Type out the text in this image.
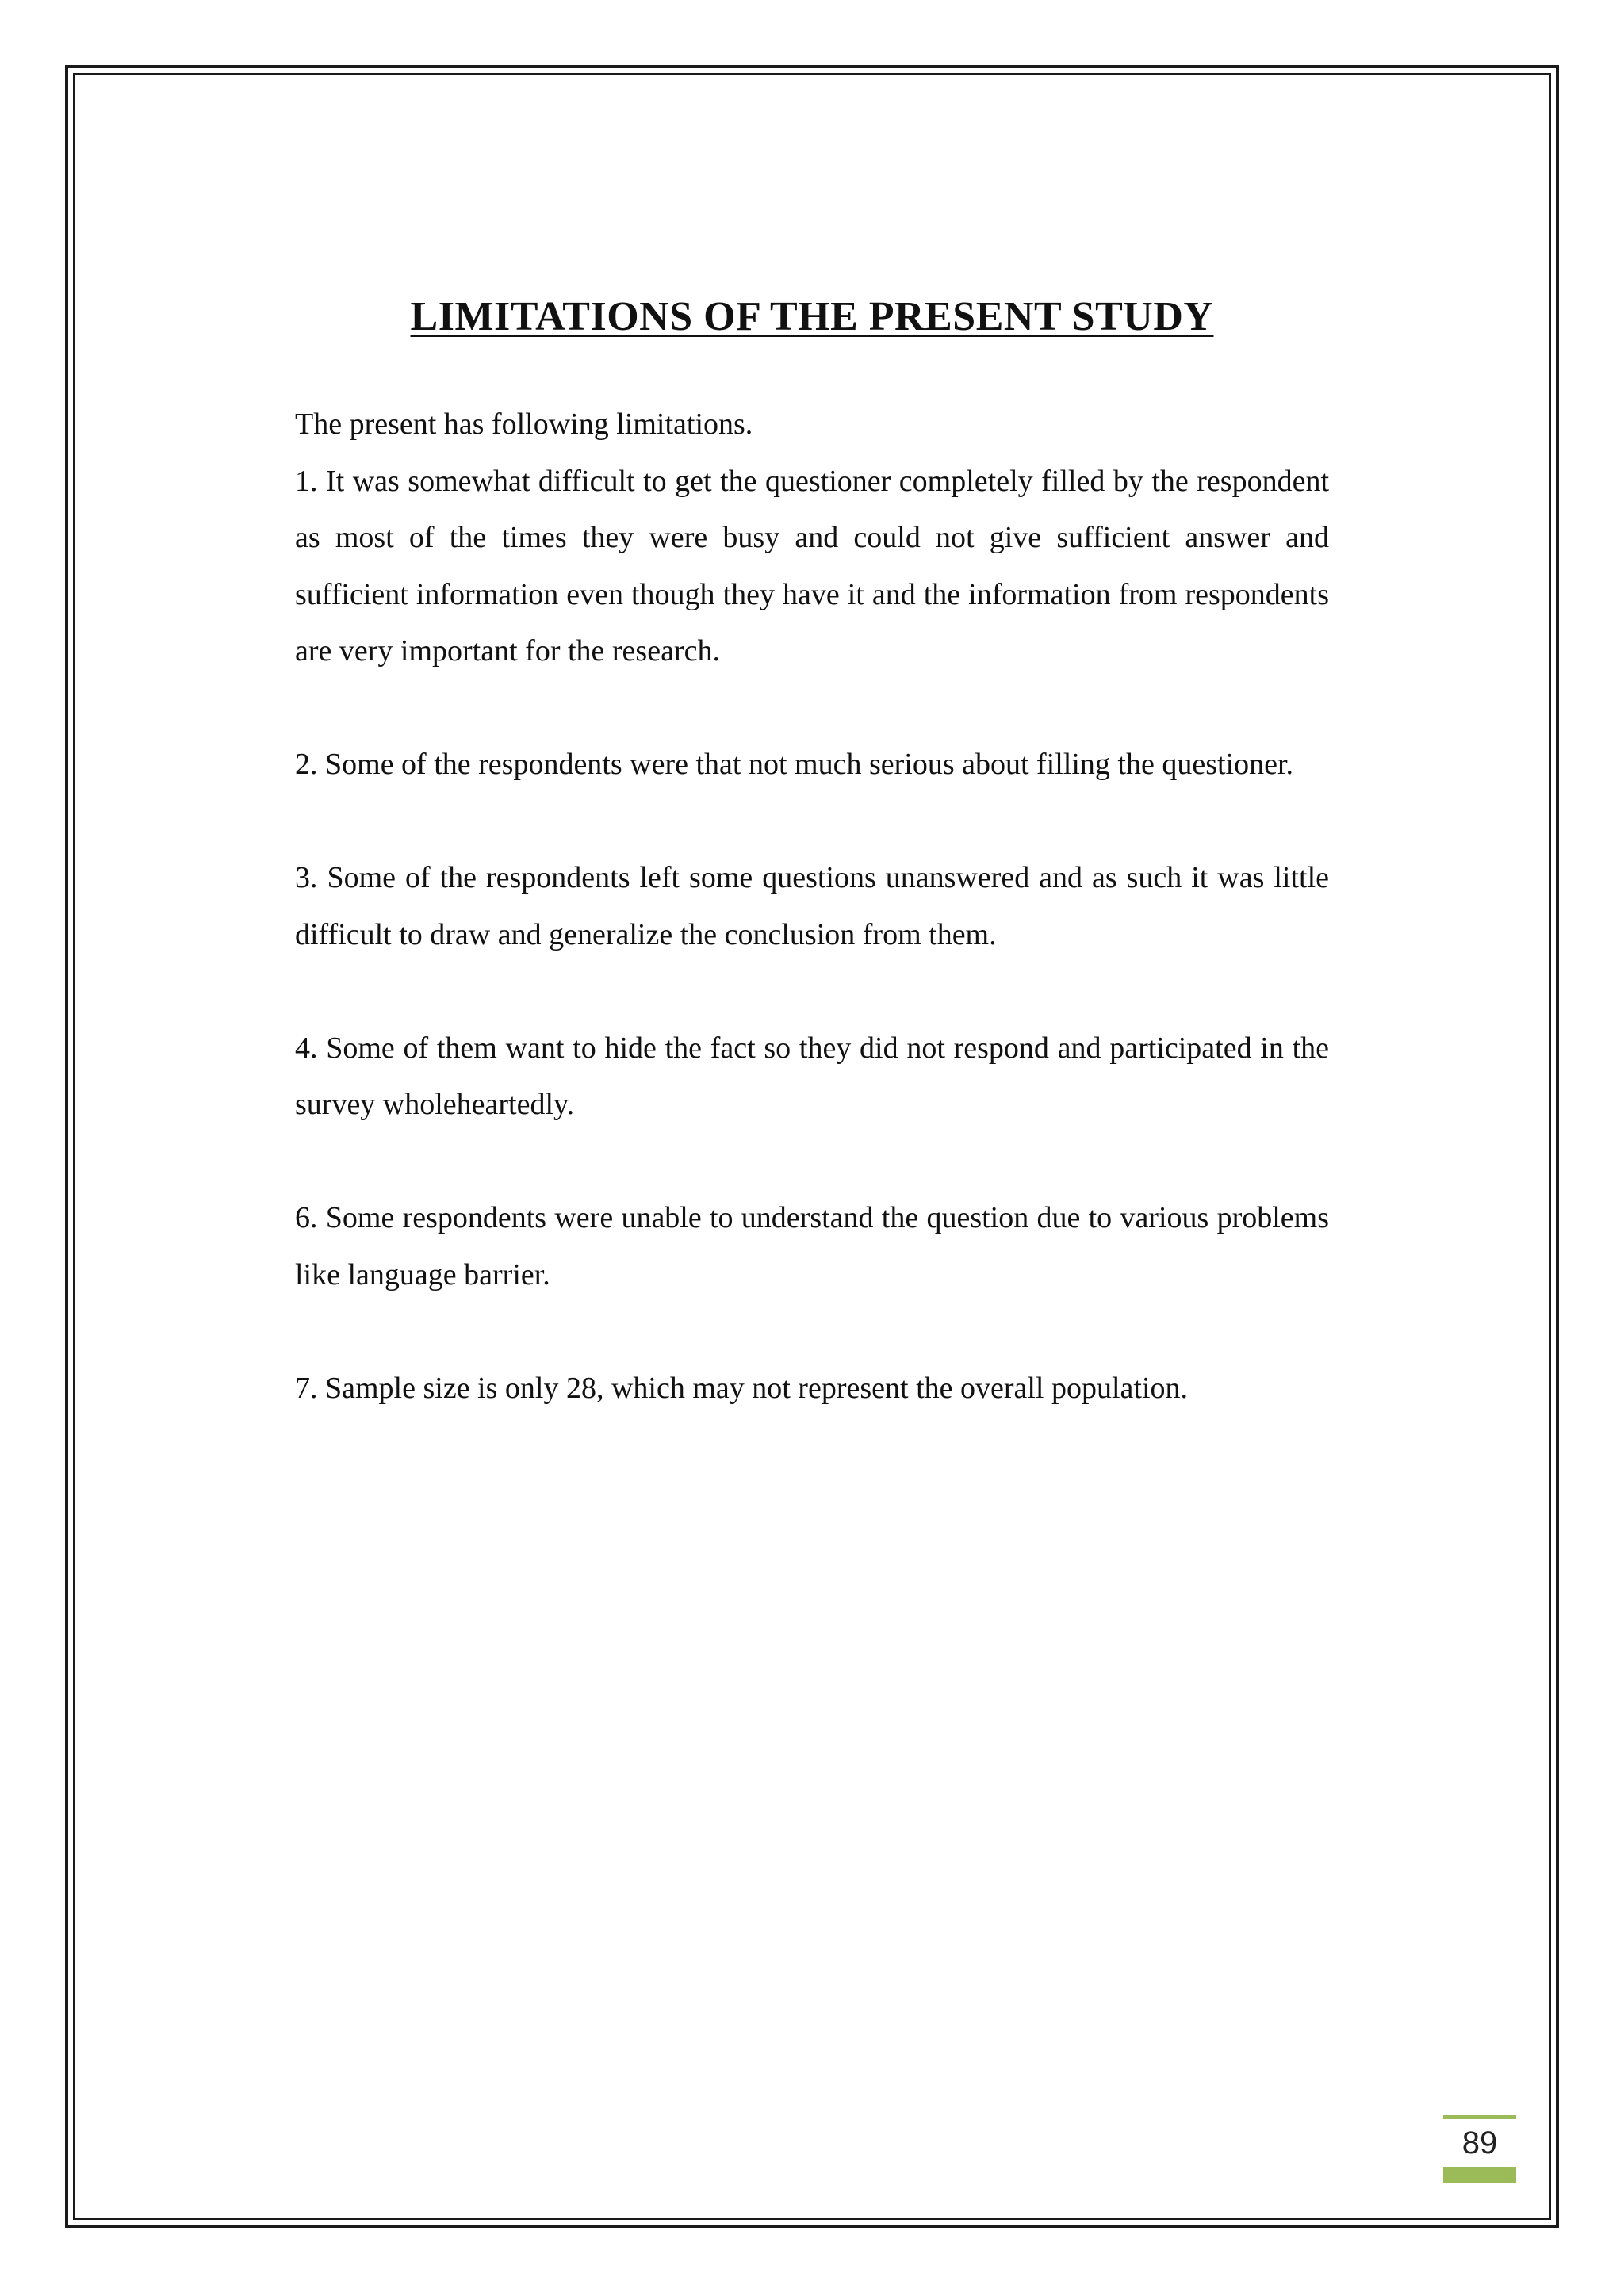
LIMITATIONS OF THE PRESENT STUDY

The present has following limitations.

1. It was somewhat difficult to get the questioner completely filled by the respondent as most of the times they were busy and could not give sufficient answer and sufficient information even though they have it and the information from respondents are very important for the research.

2. Some of the respondents were that not much serious about filling the questioner.

3. Some of the respondents left some questions unanswered and as such it was little difficult to draw and generalize the conclusion from them.

4. Some of them want to hide the fact so they did not respond and participated in the survey wholeheartedly.

6. Some respondents were unable to understand the question due to various problems like language barrier.

7. Sample size is only 28, which may not represent the overall population.

89
